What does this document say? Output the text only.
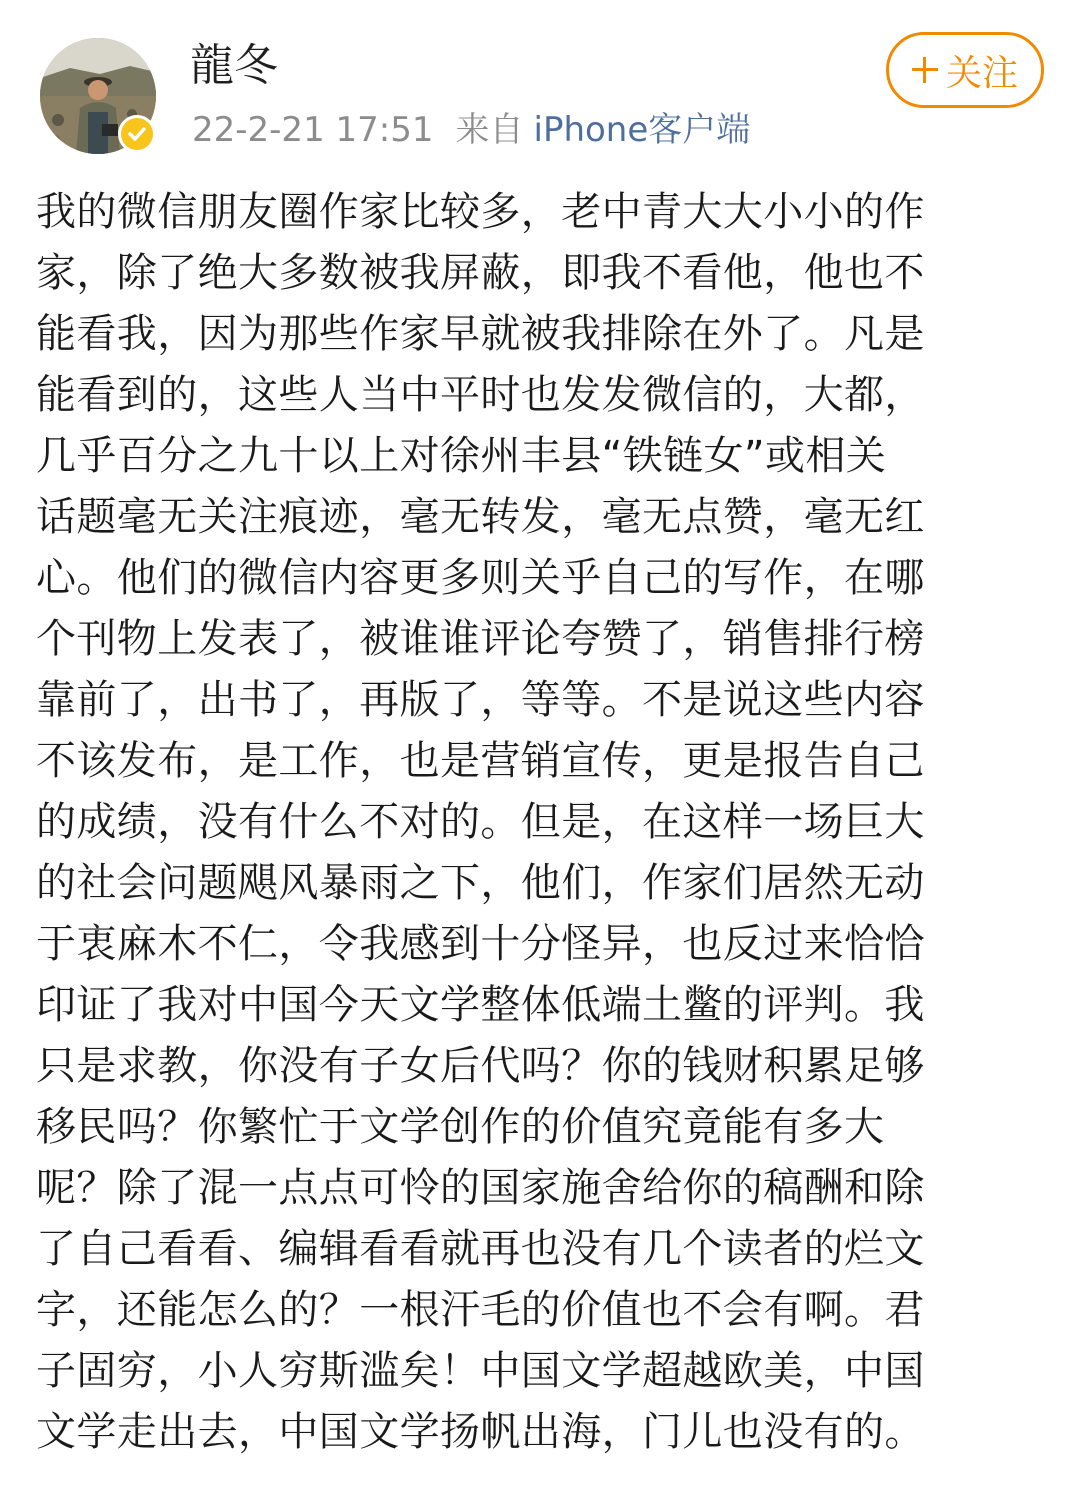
龍冬
22-2-21 17:51 来自 iPhone客户端
关注
我的微信朋友圈作家比较多，老中青大大小小的作
家，除了绝大多数被我屏蔽，即我不看他，他也不
能看我，因为那些作家早就被我排除在外了。凡是
能看到的，这些人当中平时也发发微信的，大都，
几乎百分之九十以上对徐州丰县“铁链女”或相关
话题毫无关注痕迹，毫无转发，毫无点赞，毫无红
心。他们的微信内容更多则关乎自己的写作，在哪
个刊物上发表了，被谁谁评论夸赞了，销售排行榜
靠前了，出书了，再版了，等等。不是说这些内容
不该发布，是工作，也是营销宣传，更是报告自己
的成绩，没有什么不对的。但是，在这样一场巨大
的社会问题飓风暴雨之下，他们，作家们居然无动
于衷麻木不仁，令我感到十分怪异，也反过来恰恰
印证了我对中国今天文学整体低端土鳖的评判。我
只是求教，你没有子女后代吗？你的钱财积累足够
移民吗？你繁忙于文学创作的价值究竟能有多大
呢？除了混一点点可怜的国家施舍给你的稿酬和除
了自己看看、编辑看看就再也没有几个读者的烂文
字，还能怎么的？一根汗毛的价值也不会有啊。君
子固穷，小人穷斯滥矣！中国文学超越欧美，中国
文学走出去，中国文学扬帆出海，门儿也没有的。
